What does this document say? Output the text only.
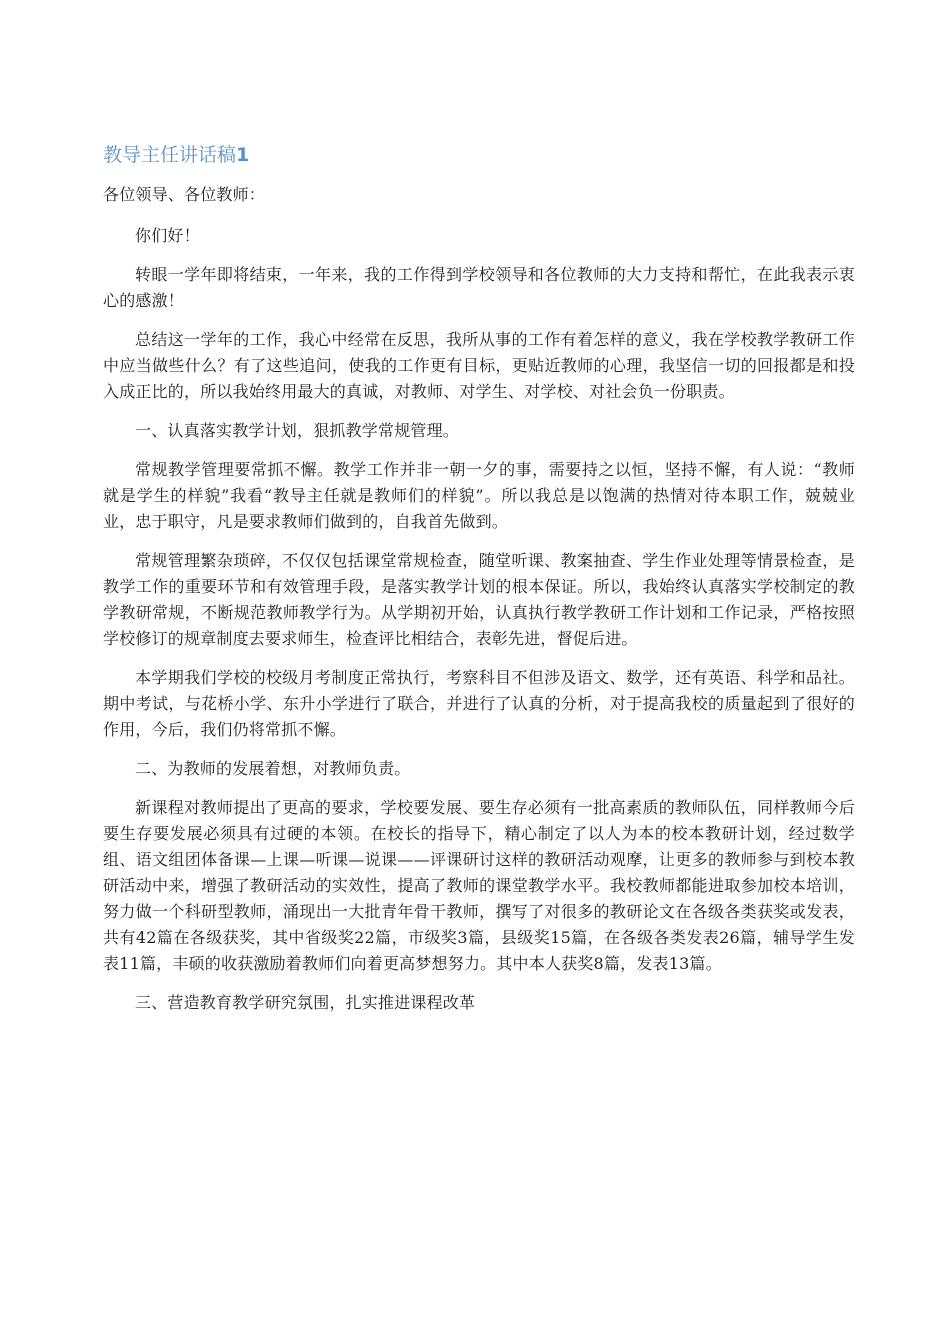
教导主任讲话稿1

各位领导、各位教师：

你们好！

转眼一学年即将结束，一年来，我的工作得到学校领导和各位教师的大力支持和帮忙，在此我表示衷心的感激！

总结这一学年的工作，我心中经常在反思，我所从事的工作有着怎样的意义，我在学校教学教研工作中应当做些什么？有了这些追问，使我的工作更有目标，更贴近教师的心理，我坚信一切的回报都是和投入成正比的，所以我始终用最大的真诚，对教师、对学生、对学校、对社会负一份职责。

一、认真落实教学计划，狠抓教学常规管理。

常规教学管理要常抓不懈。教学工作并非一朝一夕的事，需要持之以恒，坚持不懈，有人说：“教师就是学生的样貌”我看“教导主任就是教师们的样貌”。所以我总是以饱满的热情对待本职工作，兢兢业业，忠于职守，凡是要求教师们做到的，自我首先做到。

常规管理繁杂琐碎，不仅仅包括课堂常规检查，随堂听课、教案抽查、学生作业处理等情景检查，是教学工作的重要环节和有效管理手段，是落实教学计划的根本保证。所以，我始终认真落实学校制定的教学教研常规，不断规范教师教学行为。从学期初开始，认真执行教学教研工作计划和工作记录，严格按照学校修订的规章制度去要求师生，检查评比相结合，表彰先进，督促后进。

本学期我们学校的校级月考制度正常执行，考察科目不但涉及语文、数学，还有英语、科学和品社。期中考试，与花桥小学、东升小学进行了联合，并进行了认真的分析，对于提高我校的质量起到了很好的作用，今后，我们仍将常抓不懈。

二、为教师的发展着想，对教师负责。

新课程对教师提出了更高的要求，学校要发展、要生存必须有一批高素质的教师队伍，同样教师今后要生存要发展必须具有过硬的本领。在校长的指导下，精心制定了以人为本的校本教研计划，经过数学组、语文组团体备课—上课—听课—说课——评课研讨这样的教研活动观摩，让更多的教师参与到校本教研活动中来，增强了教研活动的实效性，提高了教师的课堂教学水平。我校教师都能进取参加校本培训，努力做一个科研型教师，涌现出一大批青年骨干教师，撰写了对很多的教研论文在各级各类获奖或发表，共有42篇在各级获奖，其中省级奖22篇，市级奖3篇，县级奖15篇，在各级各类发表26篇，辅导学生发表11篇，丰硕的收获激励着教师们向着更高梦想努力。其中本人获奖8篇，发表13篇。

三、营造教育教学研究氛围，扎实推进课程改革
